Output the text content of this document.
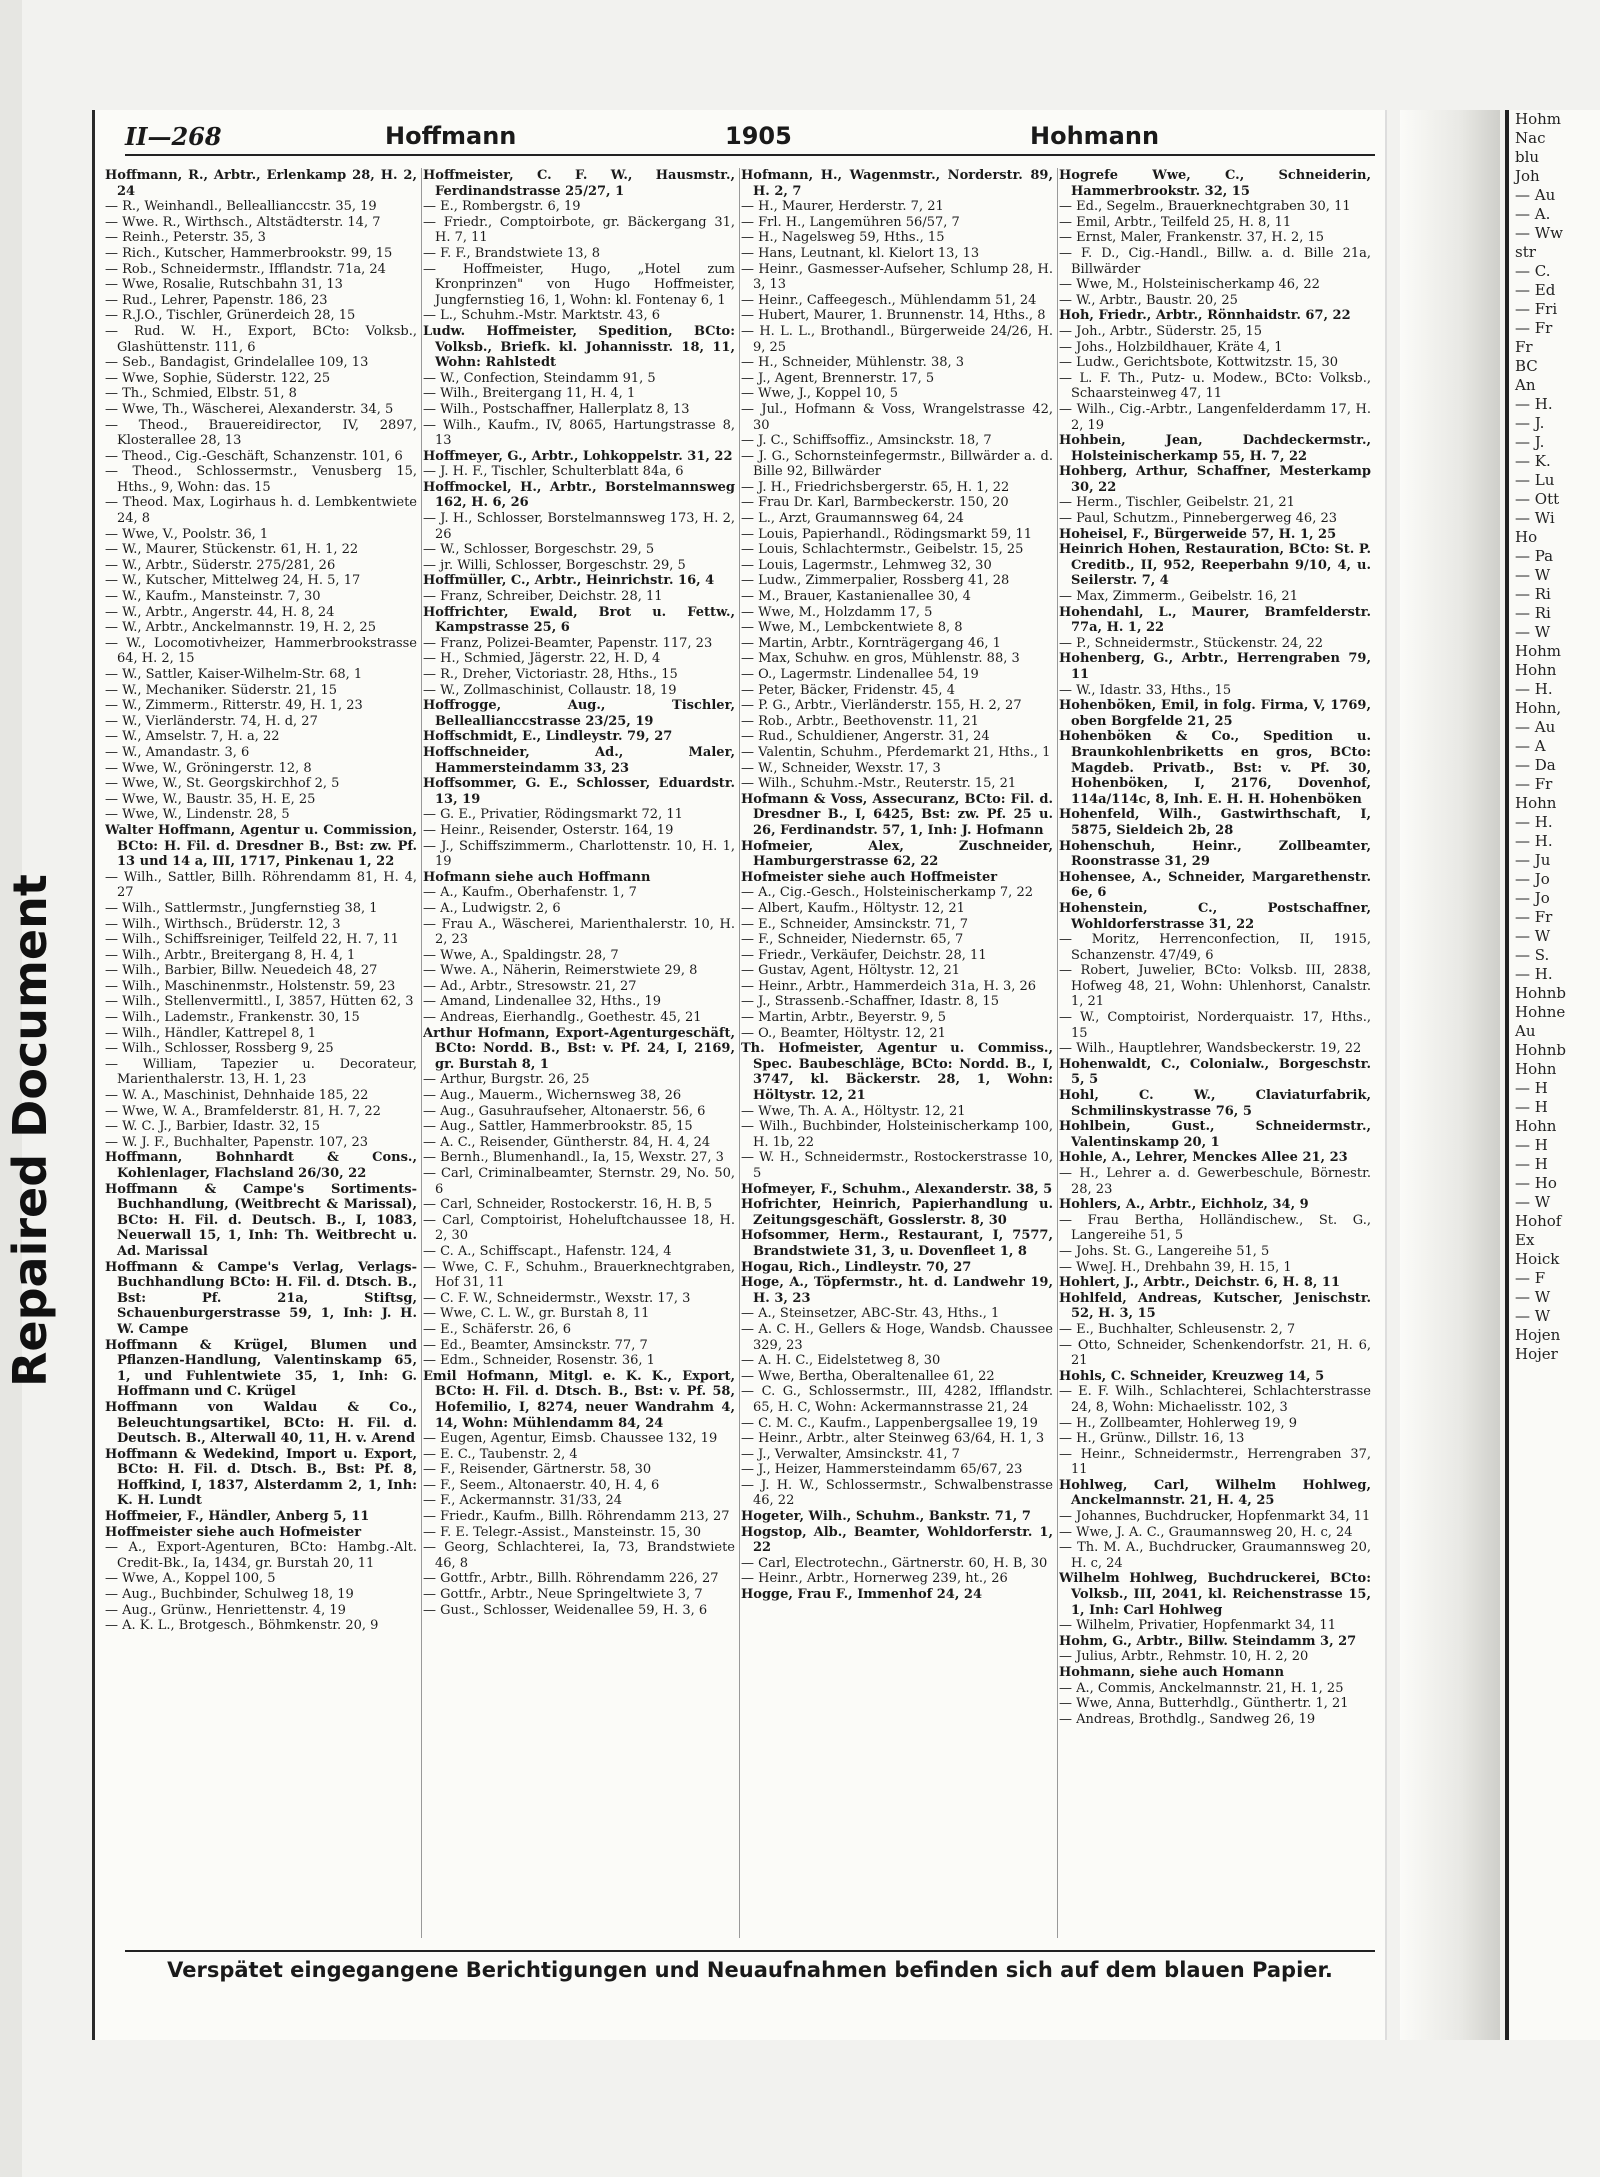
Repaired Document
II—268	Hoffmann	1905	Hohmann

Hoffmann, R., Arbtr., Erlenkamp 28, H. 2, 24

— R., Weinhandl., Belleallianccstr. 35, 19

— Wwe. R., Wirthsch., Altstädterstr. 14, 7

— Reinh., Peterstr. 35, 3

— Rich., Kutscher, Hammerbrookstr. 99, 15

— Rob., Schneidermstr., Ifflandstr. 71a, 24

— Wwe, Rosalie, Rutschbahn 31, 13

— Rud., Lehrer, Papenstr. 186, 23

— R.J.O., Tischler, Grünerdeich 28, 15

— Rud. W. H., Export, BCto: Volksb., Glashüttenstr. 111, 6

— Seb., Bandagist, Grindelallee 109, 13

— Wwe, Sophie, Süderstr. 122, 25

— Th., Schmied, Elbstr. 51, 8

— Wwe, Th., Wäscherei, Alexanderstr. 34, 5

— Theod., Brauereidirector, IV, 2897, Klosterallee 28, 13

— Theod., Cig.-Geschäft, Schanzenstr. 101, 6

— Theod., Schlossermstr., Venusberg 15, Hths., 9, Wohn: das. 15

— Theod. Max, Logirhaus h. d. Lembkentwiete 24, 8

— Wwe, V., Poolstr. 36, 1

— W., Maurer, Stückenstr. 61, H. 1, 22

— W., Arbtr., Süderstr. 275/281, 26

— W., Kutscher, Mittelweg 24, H. 5, 17

— W., Kaufm., Mansteinstr. 7, 30

— W., Arbtr., Angerstr. 44, H. 8, 24

— W., Arbtr., Anckelmannstr. 19, H. 2, 25

— W., Locomotivheizer, Hammerbrookstrasse 64, H. 2, 15

— W., Sattler, Kaiser-Wilhelm-Str. 68, 1

— W., Mechaniker. Süderstr. 21, 15

— W., Zimmerm., Ritterstr. 49, H. 1, 23

— W., Vierländerstr. 74, H. d, 27

— W., Amselstr. 7, H. a, 22

— W., Amandastr. 3, 6

— Wwe, W., Gröningerstr. 12, 8

— Wwe, W., St. Georgskirchhof 2, 5

— Wwe, W., Baustr. 35, H. E, 25

— Wwe, W., Lindenstr. 28, 5

Walter Hoffmann, Agentur u. Commission, BCto: H. Fil. d. Dresdner B., Bst: zw. Pf. 13 und 14 a, III, 1717, Pinkenau 1, 22

— Wilh., Sattler, Billh. Röhrendamm 81, H. 4, 27

— Wilh., Sattlermstr., Jungfernstieg 38, 1

— Wilh., Wirthsch., Brüderstr. 12, 3

— Wilh., Schiffsreiniger, Teilfeld 22, H. 7, 11

— Wilh., Arbtr., Breitergang 8, H. 4, 1

— Wilh., Barbier, Billw. Neuedeich 48, 27

— Wilh., Maschinenmstr., Holstenstr. 59, 23

— Wilh., Stellenvermittl., I, 3857, Hütten 62, 3

— Wilh., Lademstr., Frankenstr. 30, 15

— Wilh., Händler, Kattrepel 8, 1

— Wilh., Schlosser, Rossberg 9, 25

— William, Tapezier u. Decorateur, Marienthalerstr. 13, H. 1, 23

— W. A., Maschinist, Dehnhaide 185, 22

— Wwe, W. A., Bramfelderstr. 81, H. 7, 22

— W. C. J., Barbier, Idastr. 32, 15

— W. J. F., Buchhalter, Papenstr. 107, 23

Hoffmann, Bohnhardt & Cons., Kohlenlager, Flachsland 26/30, 22

Hoffmann & Campe's Sortiments-Buchhandlung, (Weitbrecht & Marissal), BCto: H. Fil. d. Deutsch. B., I, 1083, Neuerwall 15, 1, Inh: Th. Weitbrecht u. Ad. Marissal

Hoffmann & Campe's Verlag, Verlags-Buchhandlung BCto: H. Fil. d. Dtsch. B., Bst: Pf. 21a, Stiftsg, Schauenburgerstrasse 59, 1, Inh: J. H. W. Campe

Hoffmann & Krügel, Blumen und Pflanzen-Handlung, Valentinskamp 65, 1, und Fuhlentwiete 35, 1, Inh: G. Hoffmann und C. Krügel

Hoffmann von Waldau & Co., Beleuchtungsartikel, BCto: H. Fil. d. Deutsch. B., Alterwall 40, 11, H. v. Arend

Hoffmann & Wedekind, Import u. Export, BCto: H. Fil. d. Dtsch. B., Bst: Pf. 8, Hoffkind, I, 1837, Alsterdamm 2, 1, Inh: K. H. Lundt

Hoffmeier, F., Händler, Anberg 5, 11

Hoffmeister siehe auch Hofmeister

— A., Export-Agenturen, BCto: Hambg.-Alt. Credit-Bk., Ia, 1434, gr. Burstah 20, 11

— Wwe, A., Koppel 100, 5

— Aug., Buchbinder, Schulweg 18, 19

— Aug., Grünw., Henriettenstr. 4, 19

— A. K. L., Brotgesch., Böhmkenstr. 20, 9

Hoffmeister, C. F. W., Hausmstr., Ferdinandstrasse 25/27, 1

— E., Rombergstr. 6, 19

— Friedr., Comptoirbote, gr. Bäckergang 31, H. 7, 11

— F. F., Brandstwiete 13, 8

— Hoffmeister, Hugo, „Hotel zum Kronprinzen" von Hugo Hoffmeister, Jungfernstieg 16, 1, Wohn: kl. Fontenay 6, 1

— L., Schuhm.-Mstr. Marktstr. 43, 6

Ludw. Hoffmeister, Spedition, BCto: Volksb., Briefk. kl. Johannisstr. 18, 11, Wohn: Rahlstedt

— W., Confection, Steindamm 91, 5

— Wilh., Breitergang 11, H. 4, 1

— Wilh., Postschaffner, Hallerplatz 8, 13

— Wilh., Kaufm., IV, 8065, Hartungstrasse 8, 13

Hoffmeyer, G., Arbtr., Lohkoppelstr. 31, 22

— J. H. F., Tischler, Schulterblatt 84a, 6

Hoffmockel, H., Arbtr., Borstelmannsweg 162, H. 6, 26

— J. H., Schlosser, Borstelmannsweg 173, H. 2, 26

— W., Schlosser, Borgeschstr. 29, 5

— jr. Willi, Schlosser, Borgeschstr. 29, 5

Hoffmüller, C., Arbtr., Heinrichstr. 16, 4

— Franz, Schreiber, Deichstr. 28, 11

Hoffrichter, Ewald, Brot u. Fettw., Kampstrasse 25, 6

— Franz, Polizei-Beamter, Papenstr. 117, 23

— H., Schmied, Jägerstr. 22, H. D, 4

— R., Dreher, Victoriastr. 28, Hths., 15

— W., Zollmaschinist, Collaustr. 18, 19

Hoffrogge, Aug., Tischler, Belleallianccstrasse 23/25, 19

Hoffschmidt, E., Lindleystr. 79, 27

Hoffschneider, Ad., Maler, Hammersteindamm 33, 23

Hoffsommer, G. E., Schlosser, Eduardstr. 13, 19

— G. E., Privatier, Rödingsmarkt 72, 11

— Heinr., Reisender, Osterstr. 164, 19

— J., Schiffszimmerm., Charlottenstr. 10, H. 1, 19

Hofmann siehe auch Hoffmann

— A., Kaufm., Oberhafenstr. 1, 7

— A., Ludwigstr. 2, 6

— Frau A., Wäscherei, Marienthalerstr. 10, H. 2, 23

— Wwe, A., Spaldingstr. 28, 7

— Wwe. A., Näherin, Reimerstwiete 29, 8

— Ad., Arbtr., Stresowstr. 21, 27

— Amand, Lindenallee 32, Hths., 19

— Andreas, Eierhandlg., Goethestr. 45, 21

Arthur Hofmann, Export-Agenturgeschäft, BCto: Nordd. B., Bst: v. Pf. 24, I, 2169, gr. Burstah 8, 1

— Arthur, Burgstr. 26, 25

— Aug., Mauerm., Wichernsweg 38, 26

— Aug., Gasuhraufseher, Altonaerstr. 56, 6

— Aug., Sattler, Hammerbrookstr. 85, 15

— A. C., Reisender, Güntherstr. 84, H. 4, 24

— Bernh., Blumenhandl., Ia, 15, Wexstr. 27, 3

— Carl, Criminalbeamter, Sternstr. 29, No. 50, 6

— Carl, Schneider, Rostockerstr. 16, H. B, 5

— Carl, Comptoirist, Hoheluftchaussee 18, H. 2, 30

— C. A., Schiffscapt., Hafenstr. 124, 4

— Wwe, C. F., Schuhm., Brauerknechtgraben, Hof 31, 11

— C. F. W., Schneidermstr., Wexstr. 17, 3

— Wwe, C. L. W., gr. Burstah 8, 11

— E., Schäferstr. 26, 6

— Ed., Beamter, Amsinckstr. 77, 7

— Edm., Schneider, Rosenstr. 36, 1

Emil Hofmann, Mitgl. e. K. K., Export, BCto: H. Fil. d. Dtsch. B., Bst: v. Pf. 58, Hofemilio, I, 8274, neuer Wandrahm 4, 14, Wohn: Mühlendamm 84, 24

— Eugen, Agentur, Eimsb. Chaussee 132, 19

— E. C., Taubenstr. 2, 4

— F., Reisender, Gärtnerstr. 58, 30

— F., Seem., Altonaerstr. 40, H. 4, 6

— F., Ackermannstr. 31/33, 24

— Friedr., Kaufm., Billh. Röhrendamm 213, 27

— F. E. Telegr.-Assist., Mansteinstr. 15, 30

— Georg, Schlachterei, Ia, 73, Brandstwiete 46, 8

— Gottfr., Arbtr., Billh. Röhrendamm 226, 27

— Gottfr., Arbtr., Neue Springeltwiete 3, 7

— Gust., Schlosser, Weidenallee 59, H. 3, 6

Hofmann, H., Wagenmstr., Norderstr. 89, H. 2, 7

— H., Maurer, Herderstr. 7, 21

— Frl. H., Langemühren 56/57, 7

— H., Nagelsweg 59, Hths., 15

— Hans, Leutnant, kl. Kielort 13, 13

— Heinr., Gasmesser-Aufseher, Schlump 28, H. 3, 13

— Heinr., Caffeegesch., Mühlendamm 51, 24

— Hubert, Maurer, 1. Brunnenstr. 14, Hths., 8

— H. L. L., Brothandl., Bürgerweide 24/26, H. 9, 25

— H., Schneider, Mühlenstr. 38, 3

— J., Agent, Brennerstr. 17, 5

— Wwe, J., Koppel 10, 5

— Jul., Hofmann & Voss, Wrangelstrasse 42, 30

— J. C., Schiffsoffiz., Amsinckstr. 18, 7

— J. G., Schornsteinfegermstr., Billwärder a. d. Bille 92, Billwärder

— J. H., Friedrichsbergerstr. 65, H. 1, 22

— Frau Dr. Karl, Barmbeckerstr. 150, 20

— L., Arzt, Graumannsweg 64, 24

— Louis, Papierhandl., Rödingsmarkt 59, 11

— Louis, Schlachtermstr., Geibelstr. 15, 25

— Louis, Lagermstr., Lehmweg 32, 30

— Ludw., Zimmerpalier, Rossberg 41, 28

— M., Brauer, Kastanienallee 30, 4

— Wwe, M., Holzdamm 17, 5

— Wwe, M., Lembckentwiete 8, 8

— Martin, Arbtr., Kornträgergang 46, 1

— Max, Schuhw. en gros, Mühlenstr. 88, 3

— O., Lagermstr. Lindenallee 54, 19

— Peter, Bäcker, Fridenstr. 45, 4

— P. G., Arbtr., Vierländerstr. 155, H. 2, 27

— Rob., Arbtr., Beethovenstr. 11, 21

— Rud., Schuldiener, Angerstr. 31, 24

— Valentin, Schuhm., Pferdemarkt 21, Hths., 1

— W., Schneider, Wexstr. 17, 3

— Wilh., Schuhm.-Mstr., Reuterstr. 15, 21

Hofmann & Voss, Assecuranz, BCto: Fil. d. Dresdner B., I, 6425, Bst: zw. Pf. 25 u. 26, Ferdinandstr. 57, 1, Inh: J. Hofmann

Hofmeier, Alex, Zuschneider, Hamburgerstrasse 62, 22

Hofmeister siehe auch Hoffmeister

— A., Cig.-Gesch., Holsteinischerkamp 7, 22

— Albert, Kaufm., Höltystr. 12, 21

— E., Schneider, Amsinckstr. 71, 7

— F., Schneider, Niedernstr. 65, 7

— Friedr., Verkäufer, Deichstr. 28, 11

— Gustav, Agent, Höltystr. 12, 21

— Heinr., Arbtr., Hammerdeich 31a, H. 3, 26

— J., Strassenb.-Schaffner, Idastr. 8, 15

— Martin, Arbtr., Beyerstr. 9, 5

— O., Beamter, Höltystr. 12, 21

Th. Hofmeister, Agentur u. Commiss., Spec. Baubeschläge, BCto: Nordd. B., I, 3747, kl. Bäckerstr. 28, 1, Wohn: Höltystr. 12, 21

— Wwe, Th. A. A., Höltystr. 12, 21

— Wilh., Buchbinder, Holsteinischerkamp 100, H. 1b, 22

— W. H., Schneidermstr., Rostockerstrasse 10, 5

Hofmeyer, F., Schuhm., Alexanderstr. 38, 5

Hofrichter, Heinrich, Papierhandlung u. Zeitungsgeschäft, Gosslerstr. 8, 30

Hofsommer, Herm., Restaurant, I, 7577, Brandstwiete 31, 3, u. Dovenfleet 1, 8

Hogau, Rich., Lindleystr. 70, 27

Hoge, A., Töpfermstr., ht. d. Landwehr 19, H. 3, 23

— A., Steinsetzer, ABC-Str. 43, Hths., 1

— A. C. H., Gellers & Hoge, Wandsb. Chaussee 329, 23

— A. H. C., Eidelstetweg 8, 30

— Wwe, Bertha, Oberaltenallee 61, 22

— C. G., Schlossermstr., III, 4282, Ifflandstr. 65, H. C, Wohn: Ackermannstrasse 21, 24

— C. M. C., Kaufm., Lappenbergsallee 19, 19

— Heinr., Arbtr., alter Steinweg 63/64, H. 1, 3

— J., Verwalter, Amsinckstr. 41, 7

— J., Heizer, Hammersteindamm 65/67, 23

— J. H. W., Schlossermstr., Schwalbenstrasse 46, 22

Hogeter, Wilh., Schuhm., Bankstr. 71, 7

Hogstop, Alb., Beamter, Wohldorferstr. 1, 22

— Carl, Electrotechn., Gärtnerstr. 60, H. B, 30

— Heinr., Arbtr., Hornerweg 239, ht., 26

Hogge, Frau F., Immenhof 24, 24

Hogrefe Wwe, C., Schneiderin, Hammerbrookstr. 32, 15

— Ed., Segelm., Brauerknechtgraben 30, 11

— Emil, Arbtr., Teilfeld 25, H. 8, 11

— Ernst, Maler, Frankenstr. 37, H. 2, 15

— F. D., Cig.-Handl., Billw. a. d. Bille 21a, Billwärder

— Wwe, M., Holsteinischerkamp 46, 22

— W., Arbtr., Baustr. 20, 25

Hoh, Friedr., Arbtr., Rönnhaidstr. 67, 22

— Joh., Arbtr., Süderstr. 25, 15

— Johs., Holzbildhauer, Kräte 4, 1

— Ludw., Gerichtsbote, Kottwitzstr. 15, 30

— L. F. Th., Putz- u. Modew., BCto: Volksb., Schaarsteinweg 47, 11

— Wilh., Cig.-Arbtr., Langenfelderdamm 17, H. 2, 19

Hohbein, Jean, Dachdeckermstr., Holsteinischerkamp 55, H. 7, 22

Hohberg, Arthur, Schaffner, Mesterkamp 30, 22

— Herm., Tischler, Geibelstr. 21, 21

— Paul, Schutzm., Pinnebergerweg 46, 23

Hoheisel, F., Bürgerweide 57, H. 1, 25

Heinrich Hohen, Restauration, BCto: St. P. Creditb., II, 952, Reeperbahn 9/10, 4, u. Seilerstr. 7, 4

— Max, Zimmerm., Geibelstr. 16, 21

Hohendahl, L., Maurer, Bramfelderstr. 77a, H. 1, 22

— P., Schneidermstr., Stückenstr. 24, 22

Hohenberg, G., Arbtr., Herrengraben 79, 11

— W., Idastr. 33, Hths., 15

Hohenböken, Emil, in folg. Firma, V, 1769, oben Borgfelde 21, 25

Hohenböken & Co., Spedition u. Braunkohlenbriketts en gros, BCto: Magdeb. Privatb., Bst: v. Pf. 30, Hohenböken, I, 2176, Dovenhof, 114a/114c, 8, Inh. E. H. H. Hohenböken

Hohenfeld, Wilh., Gastwirthschaft, I, 5875, Sieldeich 2b, 28

Hohenschuh, Heinr., Zollbeamter, Roonstrasse 31, 29

Hohensee, A., Schneider, Margarethenstr. 6e, 6

Hohenstein, C., Postschaffner, Wohldorferstrasse 31, 22

— Moritz, Herrenconfection, II, 1915, Schanzenstr. 47/49, 6

— Robert, Juwelier, BCto: Volksb. III, 2838, Hofweg 48, 21, Wohn: Uhlenhorst, Canalstr. 1, 21

— W., Comptoirist, Norderquaistr. 17, Hths., 15

— Wilh., Hauptlehrer, Wandsbeckerstr. 19, 22

Hohenwaldt, C., Colonialw., Borgeschstr. 5, 5

Hohl, C. W., Claviaturfabrik, Schmilinskystrasse 76, 5

Hohlbein, Gust., Schneidermstr., Valentinskamp 20, 1

Hohle, A., Lehrer, Menckes Allee 21, 23

— H., Lehrer a. d. Gewerbeschule, Börnestr. 28, 23

Hohlers, A., Arbtr., Eichholz, 34, 9

— Frau Bertha, Holländischew., St. G., Langereihe 51, 5

— Johs. St. G., Langereihe 51, 5

— WweJ. H., Drehbahn 39, H. 15, 1

Hohlert, J., Arbtr., Deichstr. 6, H. 8, 11

Hohlfeld, Andreas, Kutscher, Jenischstr. 52, H. 3, 15

— E., Buchhalter, Schleusenstr. 2, 7

— Otto, Schneider, Schenkendorfstr. 21, H. 6, 21

Hohls, C. Schneider, Kreuzweg 14, 5

— E. F. Wilh., Schlachterei, Schlachterstrasse 24, 8, Wohn: Michaelisstr. 102, 3

— H., Zollbeamter, Hohlerweg 19, 9

— H., Grünw., Dillstr. 16, 13

— Heinr., Schneidermstr., Herrengraben 37, 11

Hohlweg, Carl, Wilhelm Hohlweg, Anckelmannstr. 21, H. 4, 25

— Johannes, Buchdrucker, Hopfenmarkt 34, 11

— Wwe, J. A. C., Graumannsweg 20, H. c, 24

— Th. M. A., Buchdrucker, Graumannsweg 20, H. c, 24

Wilhelm Hohlweg, Buchdruckerei, BCto: Volksb., III, 2041, kl. Reichenstrasse 15, 1, Inh: Carl Hohlweg

— Wilhelm, Privatier, Hopfenmarkt 34, 11

Hohm, G., Arbtr., Billw. Steindamm 3, 27

— Julius, Arbtr., Rehmstr. 10, H. 2, 20

Hohmann, siehe auch Homann

— A., Commis, Anckelmannstr. 21, H. 1, 25

— Wwe, Anna, Butterhdlg., Günthertr. 1, 21

— Andreas, Brothdlg., Sandweg 26, 19

Verspätet eingegangene Berichtigungen und Neuaufnahmen befinden sich auf dem blauen Papier.
Hohm
Nac
blu
Joh
— Au
— A.
— Ww
str
— C.
— Ed
— Fri
— Fr
Fr
BC
An
— H.
— J.
— J.
— K.
— Lu
— Ott
— Wi
Ho
— Pa
— W
— Ri
— Ri
— W
Hohm
Hohn
— H.
Hohn,
— Au
— A
— Da
— Fr
Hohn
— H.
— H.
— Ju
— Jo
— Jo
— Fr
— W
— S.
— H.
Hohnb
Hohne
Au
Hohnb
Hohn
— H
— H
Hohn
— H
— H
— Ho
— W
Hohof
Ex
Hoick
— F
— W
— W
Hojen
Hojer
